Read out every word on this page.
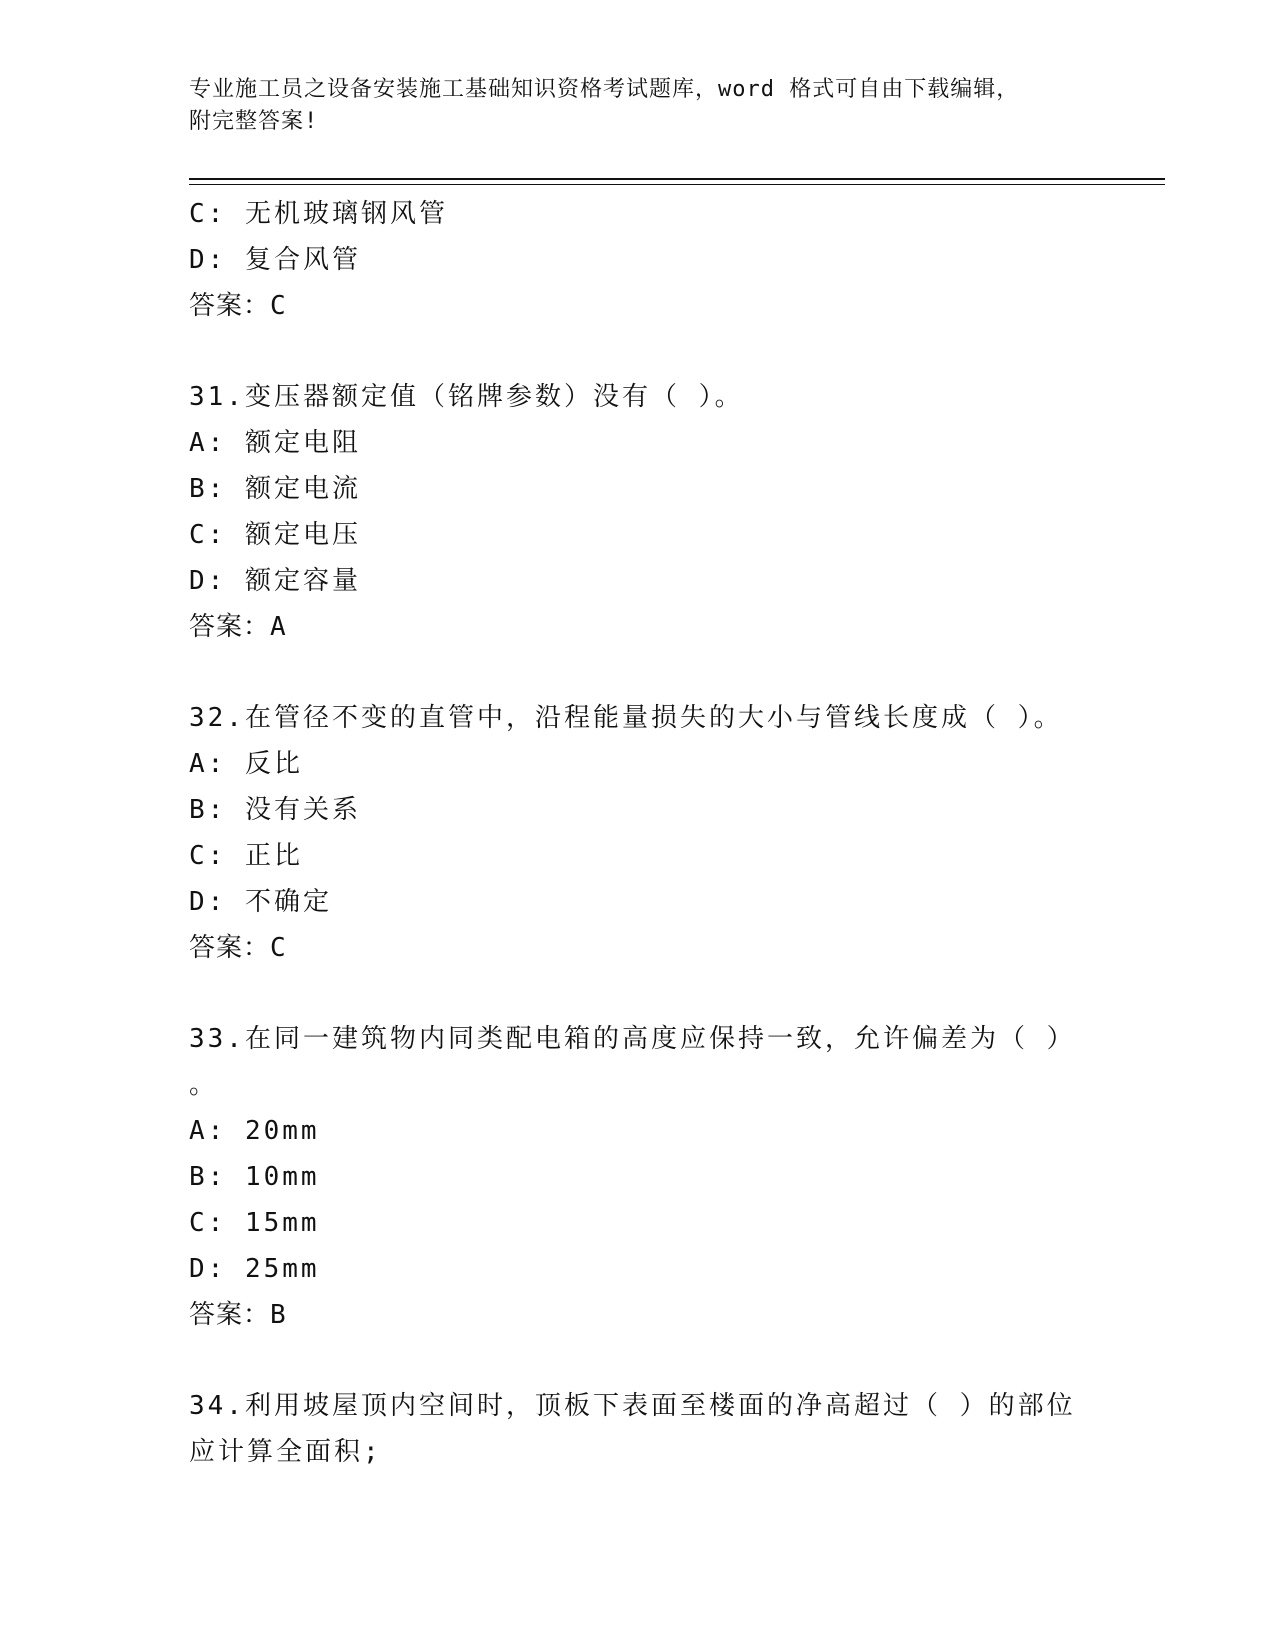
专业施工员之设备安装施工基础知识资格考试题库，word 格式可自由下载编辑，
附完整答案!
C: 无机玻璃钢风管
D: 复合风管
答案：C
31.变压器额定值（铭牌参数）没有（ ）。
A: 额定电阻
B: 额定电流
C: 额定电压
D: 额定容量
答案：A
32.在管径不变的直管中，沿程能量损失的大小与管线长度成（ ）。
A: 反比
B: 没有关系
C: 正比
D: 不确定
答案：C
33.在同一建筑物内同类配电箱的高度应保持一致，允许偏差为（ ）
。
A: 20mm
B: 10mm
C: 15mm
D: 25mm
答案：B
34.利用坡屋顶内空间时，顶板下表面至楼面的净高超过（ ）的部位
应计算全面积;
